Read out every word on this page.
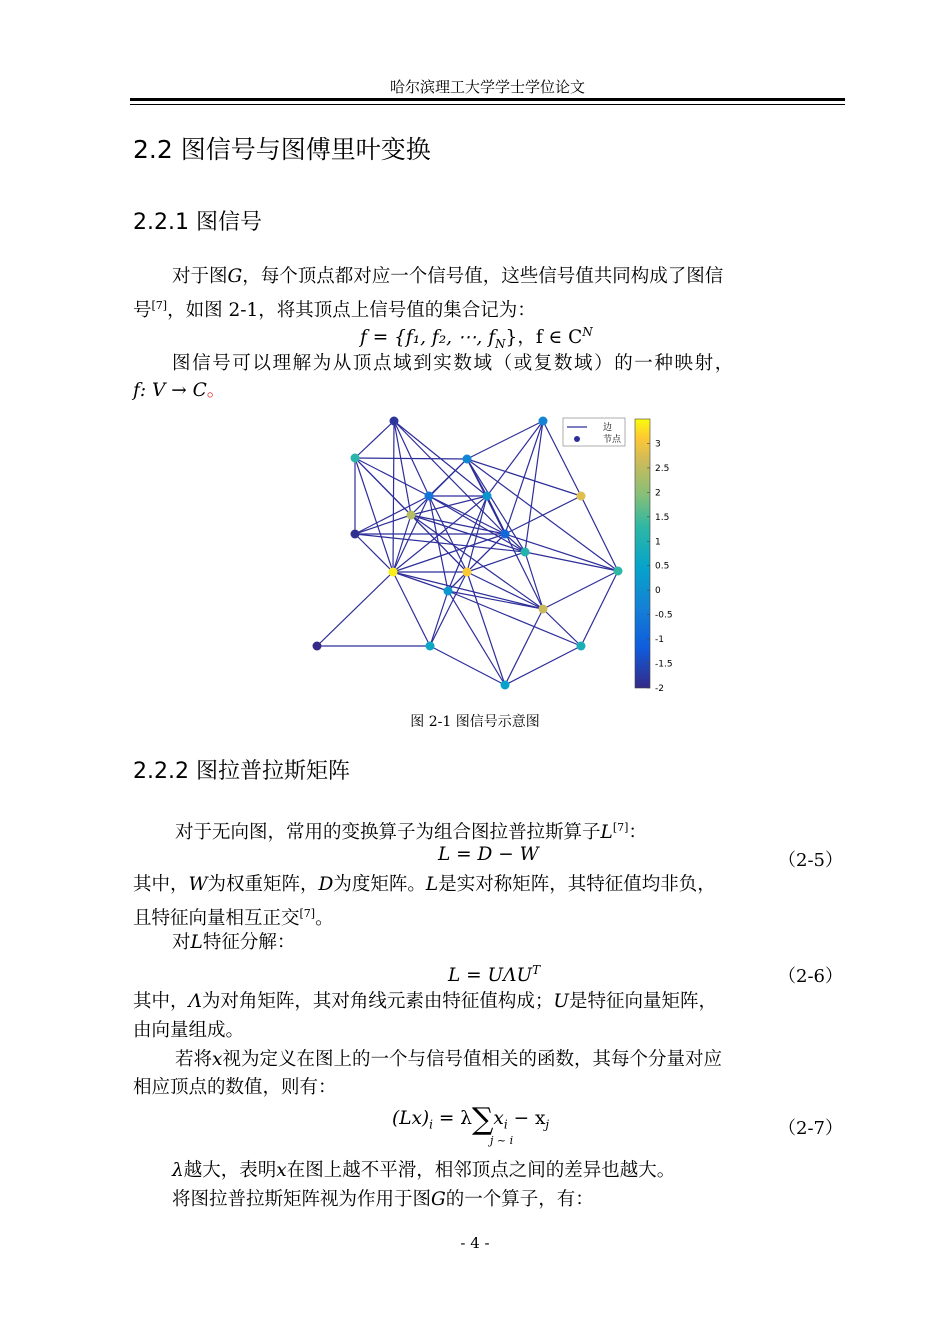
哈尔滨理工大学学士学位论文
2.2 图信号与图傅里叶变换
2.2.1 图信号
对于图G，每个顶点都对应一个信号值，这些信号值共同构成了图信
号[7]，如图 2-1，将其顶点上信号值的集合记为：
f = {f₁, f₂, ⋯, $f_N$}，f ∈ $C^N$
图信号可以理解为从顶点域到实数域（或复数域）的一种映射，
f: V → C。
边
节点	3
2.5
2
1.5
1
0.5
0
-0.5
-1
-1.5
-2
图 2-1 图信号示意图
2.2.2 图拉普拉斯矩阵
对于无向图，常用的变换算子为组合图拉普拉斯算子L[7]：
L = D − W	（2-5）
其中，W为权重矩阵，D为度矩阵。L是实对称矩阵，其特征值均非负，
且特征向量相互正交[7]。
对L特征分解：
$L = U\Lambda U^T$	（2-6）
其中，Λ为对角矩阵，其对角线元素由特征值构成；U是特征向量矩阵，
由向量组成。
若将x视为定义在图上的一个与信号值相关的函数，其每个分量对应
相应顶点的数值，则有：
$(Lx)_i = \lambda\sum x_i - x_j$
j ~ i
（2-7）
λ越大，表明x在图上越不平滑，相邻顶点之间的差异也越大。
将图拉普拉斯矩阵视为作用于图G的一个算子，有：
- 4 -
